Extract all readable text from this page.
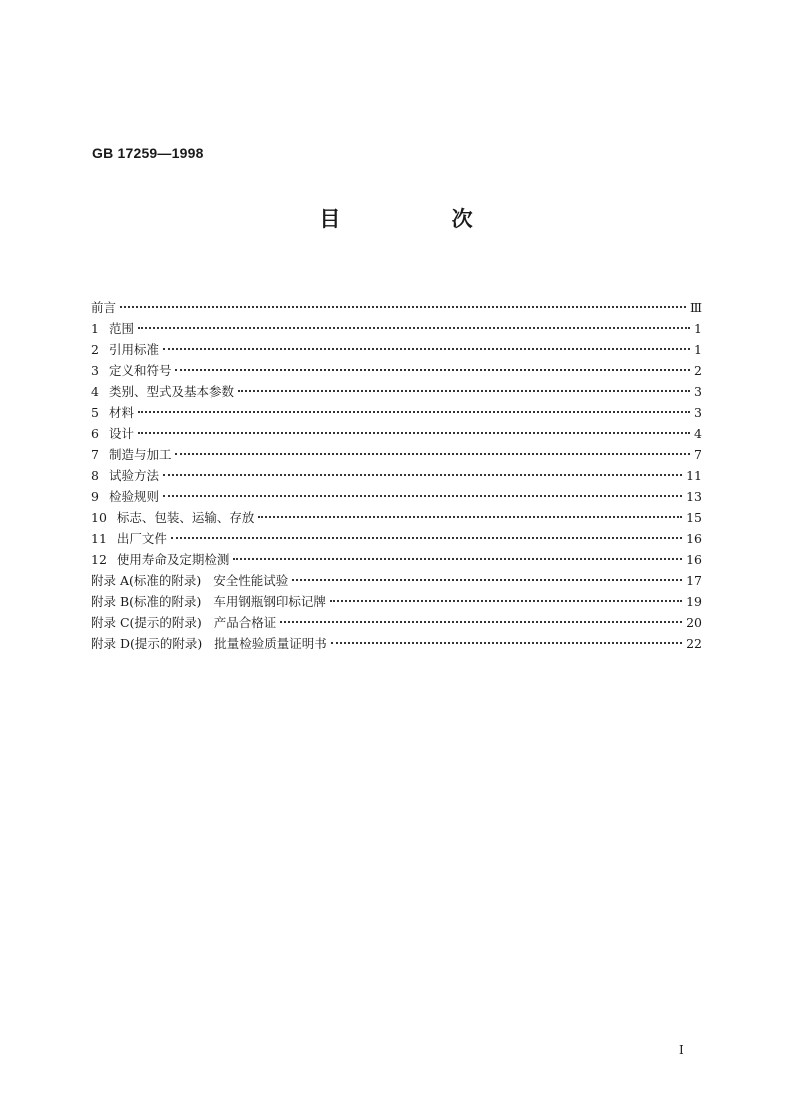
GB 17259—1998
目 次
前言	Ⅲ
1 范围	1
2 引用标准	1
3 定义和符号	2
4 类别、型式及基本参数	3
5 材料	3
6 设计	4
7 制造与加工	7
8 试验方法	11
9 检验规则	13
10 标志、包装、运输、存放	15
11 出厂文件	16
12 使用寿命及定期检测	16
附录 A(标准的附录) 安全性能试验	17
附录 B(标准的附录) 车用钢瓶钢印标记牌	19
附录 C(提示的附录) 产品合格证	20
附录 D(提示的附录) 批量检验质量证明书	22
I
